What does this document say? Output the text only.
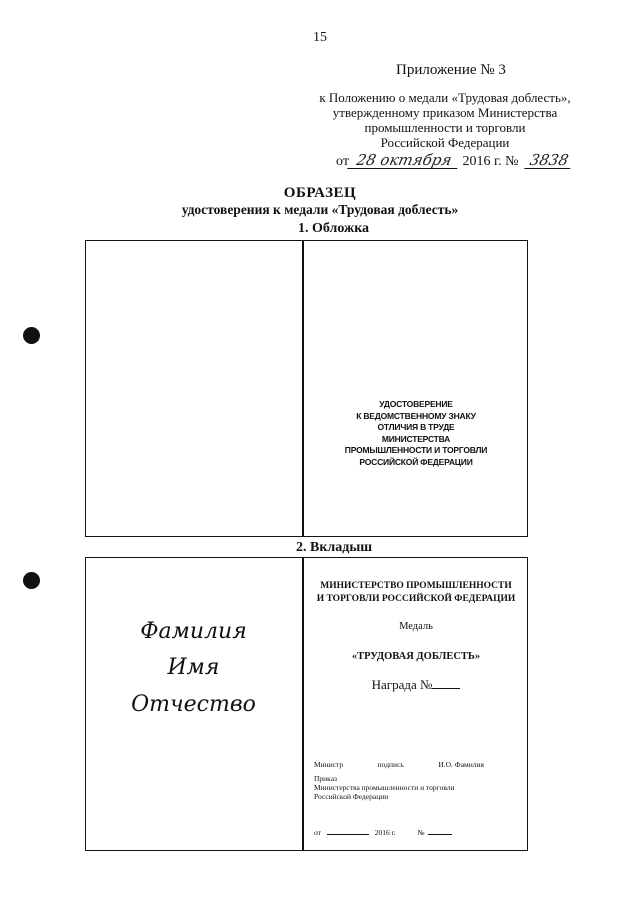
15
Приложение № 3
к Положению о медали «Трудовая доблесть»,
утвержденному приказом Министерства
промышленности и торговли
Российской Федерации
от 28 октября 2016 г. № 3838
ОБРАЗЕЦ
удостоверения к медали «Трудовая доблесть»
1. Обложка
УДОСТОВЕРЕНИЕ
К ВЕДОМСТВЕННОМУ ЗНАКУ
ОТЛИЧИЯ В ТРУДЕ
МИНИСТЕРСТВА
ПРОМЫШЛЕННОСТИ И ТОРГОВЛИ
РОССИЙСКОЙ ФЕДЕРАЦИИ
2. Вкладыш
Фамилия
Имя
Отчество
МИНИСТЕРСТВО ПРОМЫШЛЕННОСТИ
И ТОРГОВЛИ РОССИЙСКОЙ ФЕДЕРАЦИИ
Медаль
«ТРУДОВАЯ ДОБЛЕСТЬ»
Награда №
Министр	подпись	И.О. Фамилия
Приказ
Министерства промышленности и торговли
Российской Федерации
от	2016 г.	№
